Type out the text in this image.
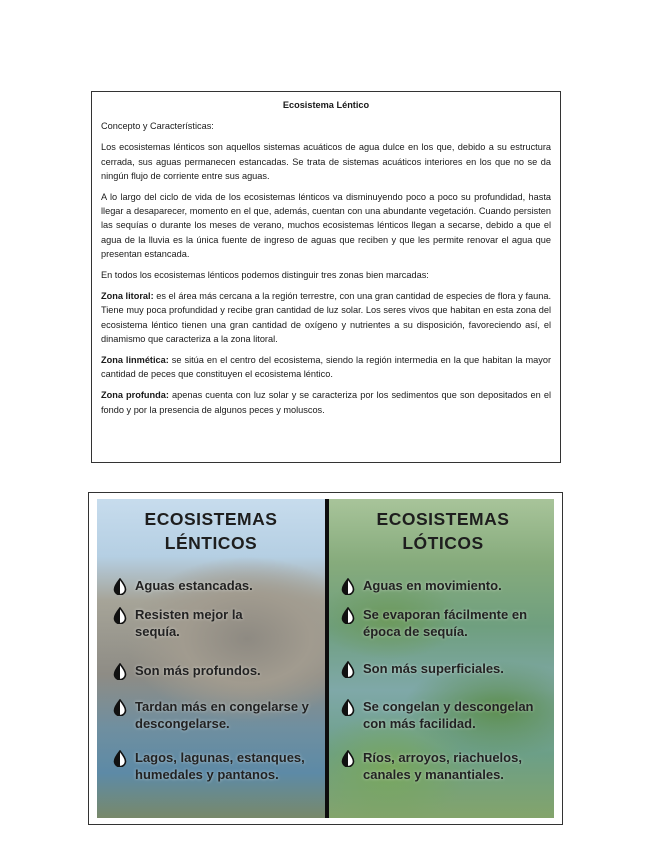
Ecosistema Léntico
Concepto y Características:
Los ecosistemas lénticos son aquellos sistemas acuáticos de agua dulce en los que, debido a su estructura cerrada, sus aguas permanecen estancadas. Se trata de sistemas acuáticos interiores en los que no se da ningún flujo de corriente entre sus aguas.
A lo largo del ciclo de vida de los ecosistemas lénticos va disminuyendo poco a poco su profundidad, hasta llegar a desaparecer, momento en el que, además, cuentan con una abundante vegetación. Cuando persisten las sequías o durante los meses de verano, muchos ecosistemas lénticos llegan a secarse, debido a que el agua de la lluvia es la única fuente de ingreso de aguas que reciben y que les permite renovar el agua que presentan estancada.
En todos los ecosistemas lénticos podemos distinguir tres zonas bien marcadas:
Zona litoral: es el área más cercana a la región terrestre, con una gran cantidad de especies de flora y fauna. Tiene muy poca profundidad y recibe gran cantidad de luz solar. Los seres vivos que habitan en esta zona del ecosistema léntico tienen una gran cantidad de oxígeno y nutrientes a su disposición, favoreciendo así, el dinamismo que caracteriza a la zona litoral.
Zona linmética: se sitúa en el centro del ecosistema, siendo la región intermedia en la que habitan la mayor cantidad de peces que constituyen el ecosistema léntico.
Zona profunda: apenas cuenta con luz solar y se caracteriza por los sedimentos que son depositados en el fondo y por la presencia de algunos peces y moluscos.
ECOSISTEMAS
LÉNTICOS
Aguas estancadas.
Resisten mejor la sequía.
Son más profundos.
Tardan más en congelarse y descongelarse.
Lagos, lagunas, estanques, humedales y pantanos.
ECOSISTEMAS
LÓTICOS
Aguas en movimiento.
Se evaporan fácilmente en época de sequía.
Son más superficiales.
Se congelan y descongelan con más facilidad.
Ríos, arroyos, riachuelos, canales y manantiales.
